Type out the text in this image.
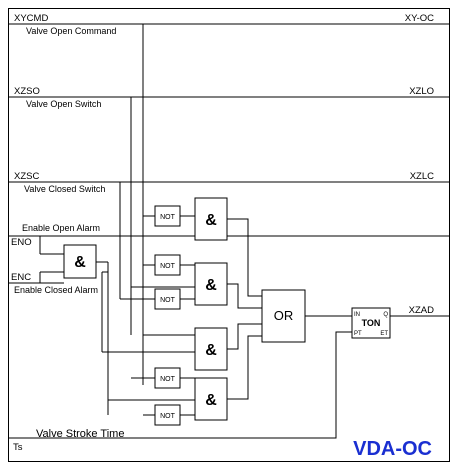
&
NOT
NOT
NOT
NOT
NOT
&
&
&
&
OR	IN	Q
TON
PT	ET
XYCMD
Valve Open Command
XY-OC
XZSO
Valve Open Switch
XZLO
XZSC
Valve Closed Switch
XZLC
Enable Open Alarm
ENO
ENC
Enable Closed Alarm
Ts
Valve Stroke Time
XZAD
VDA-OC
